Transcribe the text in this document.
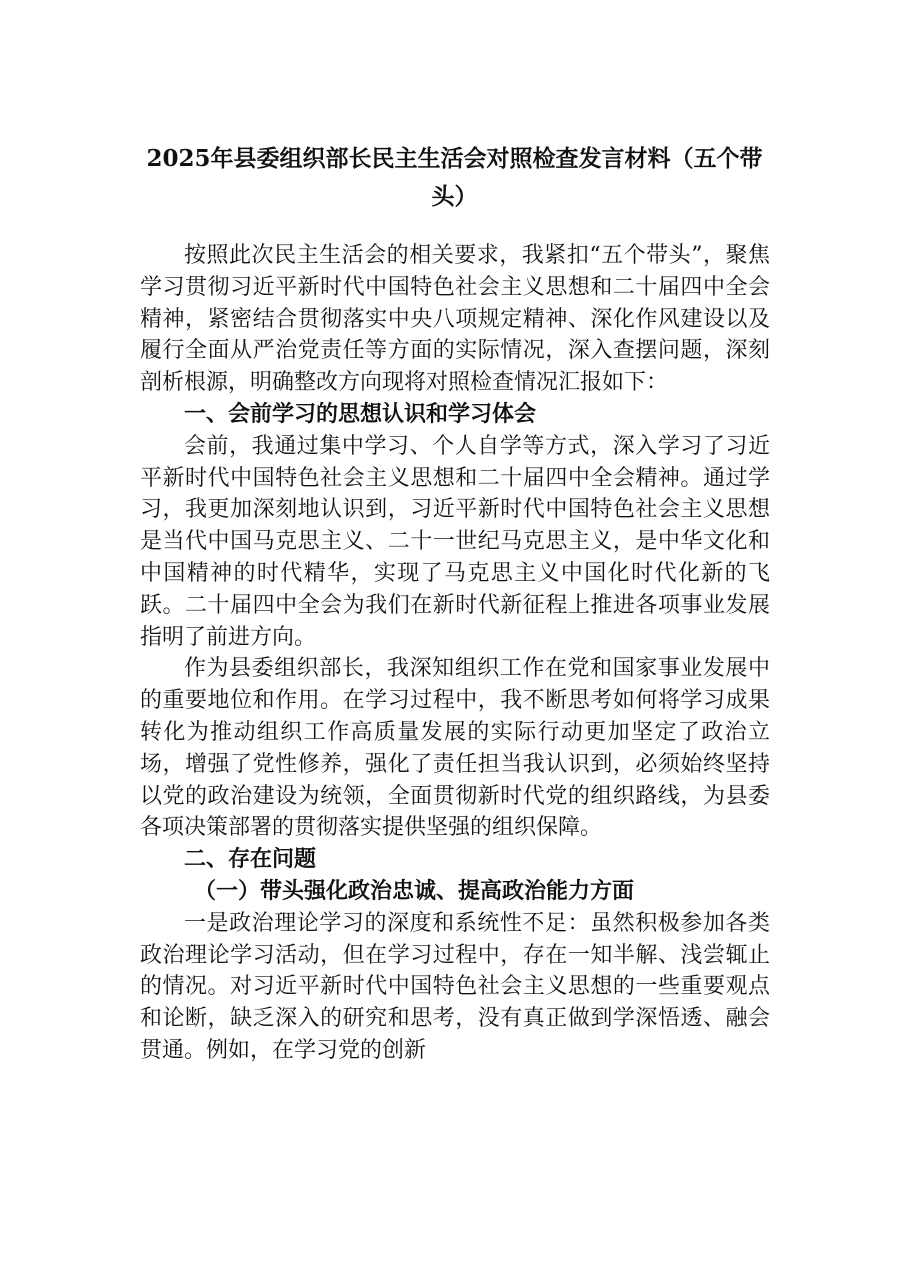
2025年县委组织部长民主生活会对照检查发言材料（五个带头）

按照此次民主生活会的相关要求，我紧扣“五个带头”，聚焦学习贯彻习近平新时代中国特色社会主义思想和二十届四中全会精神，紧密结合贯彻落实中央八项规定精神、深化作风建设以及履行全面从严治党责任等方面的实际情况，深入查摆问题，深刻剖析根源，明确整改方向现将对照检查情况汇报如下：

一、会前学习的思想认识和学习体会

会前，我通过集中学习、个人自学等方式，深入学习了习近平新时代中国特色社会主义思想和二十届四中全会精神。通过学习，我更加深刻地认识到，习近平新时代中国特色社会主义思想是当代中国马克思主义、二十一世纪马克思主义，是中华文化和中国精神的时代精华，实现了马克思主义中国化时代化新的飞跃。二十届四中全会为我们在新时代新征程上推进各项事业发展指明了前进方向。

作为县委组织部长，我深知组织工作在党和国家事业发展中的重要地位和作用。在学习过程中，我不断思考如何将学习成果转化为推动组织工作高质量发展的实际行动更加坚定了政治立场，增强了党性修养，强化了责任担当我认识到，必须始终坚持以党的政治建设为统领，全面贯彻新时代党的组织路线，为县委各项决策部署的贯彻落实提供坚强的组织保障。

二、存在问题

（一）带头强化政治忠诚、提高政治能力方面

一是政治理论学习的深度和系统性不足：虽然积极参加各类政治理论学习活动，但在学习过程中，存在一知半解、浅尝辄止的情况。对习近平新时代中国特色社会主义思想的一些重要观点和论断，缺乏深入的研究和思考，没有真正做到学深悟透、融会贯通。例如，在学习党的创新
